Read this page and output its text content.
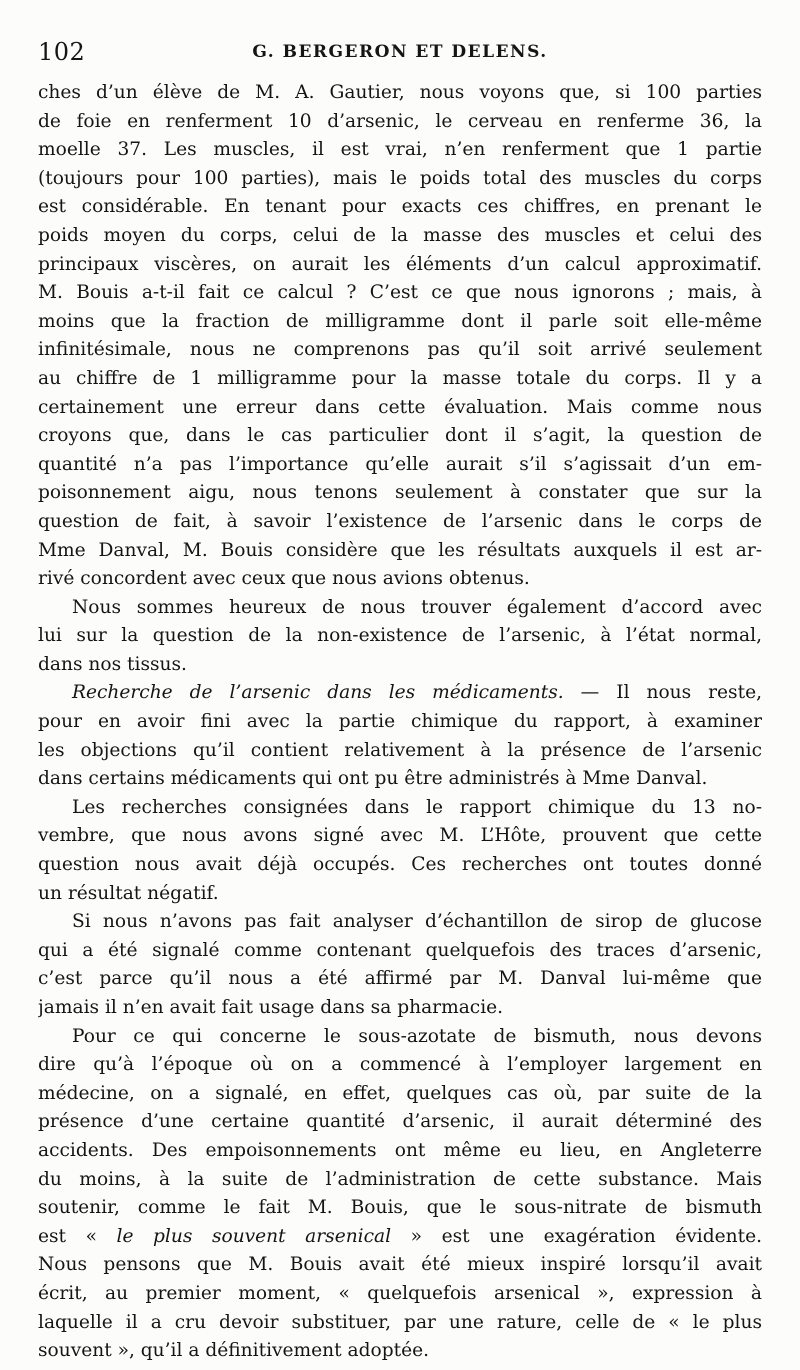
102	G. BERGERON ET DELENS.
ches d’un élève de M. A. Gautier, nous voyons que, si 100 parties
de foie en renferment 10 d’arsenic, le cerveau en renferme 36, la
moelle 37. Les muscles, il est vrai, n’en renferment que 1 partie
(toujours pour 100 parties), mais le poids total des muscles du corps
est considérable. En tenant pour exacts ces chiffres, en prenant le
poids moyen du corps, celui de la masse des muscles et celui des
principaux viscères, on aurait les éléments d’un calcul approximatif.
M. Bouis a-t-il fait ce calcul ? C’est ce que nous ignorons ; mais, à
moins que la fraction de milligramme dont il parle soit elle-même
infinitésimale, nous ne comprenons pas qu’il soit arrivé seulement
au chiffre de 1 milligramme pour la masse totale du corps. Il y a
certainement une erreur dans cette évaluation. Mais comme nous
croyons que, dans le cas particulier dont il s’agit, la question de
quantité n’a pas l’importance qu’elle aurait s’il s’agissait d’un em-
poisonnement aigu, nous tenons seulement à constater que sur la
question de fait, à savoir l’existence de l’arsenic dans le corps de
Mme Danval, M. Bouis considère que les résultats auxquels il est ar-
rivé concordent avec ceux que nous avions obtenus.
Nous sommes heureux de nous trouver également d’accord avec
lui sur la question de la non-existence de l’arsenic, à l’état normal,
dans nos tissus.
Recherche de l’arsenic dans les médicaments. — Il nous reste,
pour en avoir fini avec la partie chimique du rapport, à examiner
les objections qu’il contient relativement à la présence de l’arsenic
dans certains médicaments qui ont pu être administrés à Mme Danval.
Les recherches consignées dans le rapport chimique du 13 no-
vembre, que nous avons signé avec M. L’Hôte, prouvent que cette
question nous avait déjà occupés. Ces recherches ont toutes donné
un résultat négatif.
Si nous n’avons pas fait analyser d’échantillon de sirop de glucose
qui a été signalé comme contenant quelquefois des traces d’arsenic,
c’est parce qu’il nous a été affirmé par M. Danval lui-même que
jamais il n’en avait fait usage dans sa pharmacie.
Pour ce qui concerne le sous-azotate de bismuth, nous devons
dire qu’à l’époque où on a commencé à l’employer largement en
médecine, on a signalé, en effet, quelques cas où, par suite de la
présence d’une certaine quantité d’arsenic, il aurait déterminé des
accidents. Des empoisonnements ont même eu lieu, en Angleterre
du moins, à la suite de l’administration de cette substance. Mais
soutenir, comme le fait M. Bouis, que le sous-nitrate de bismuth
est « le plus souvent arsenical » est une exagération évidente.
Nous pensons que M. Bouis avait été mieux inspiré lorsqu’il avait
écrit, au premier moment, « quelquefois arsenical », expression à
laquelle il a cru devoir substituer, par une rature, celle de « le plus
souvent », qu’il a définitivement adoptée.
